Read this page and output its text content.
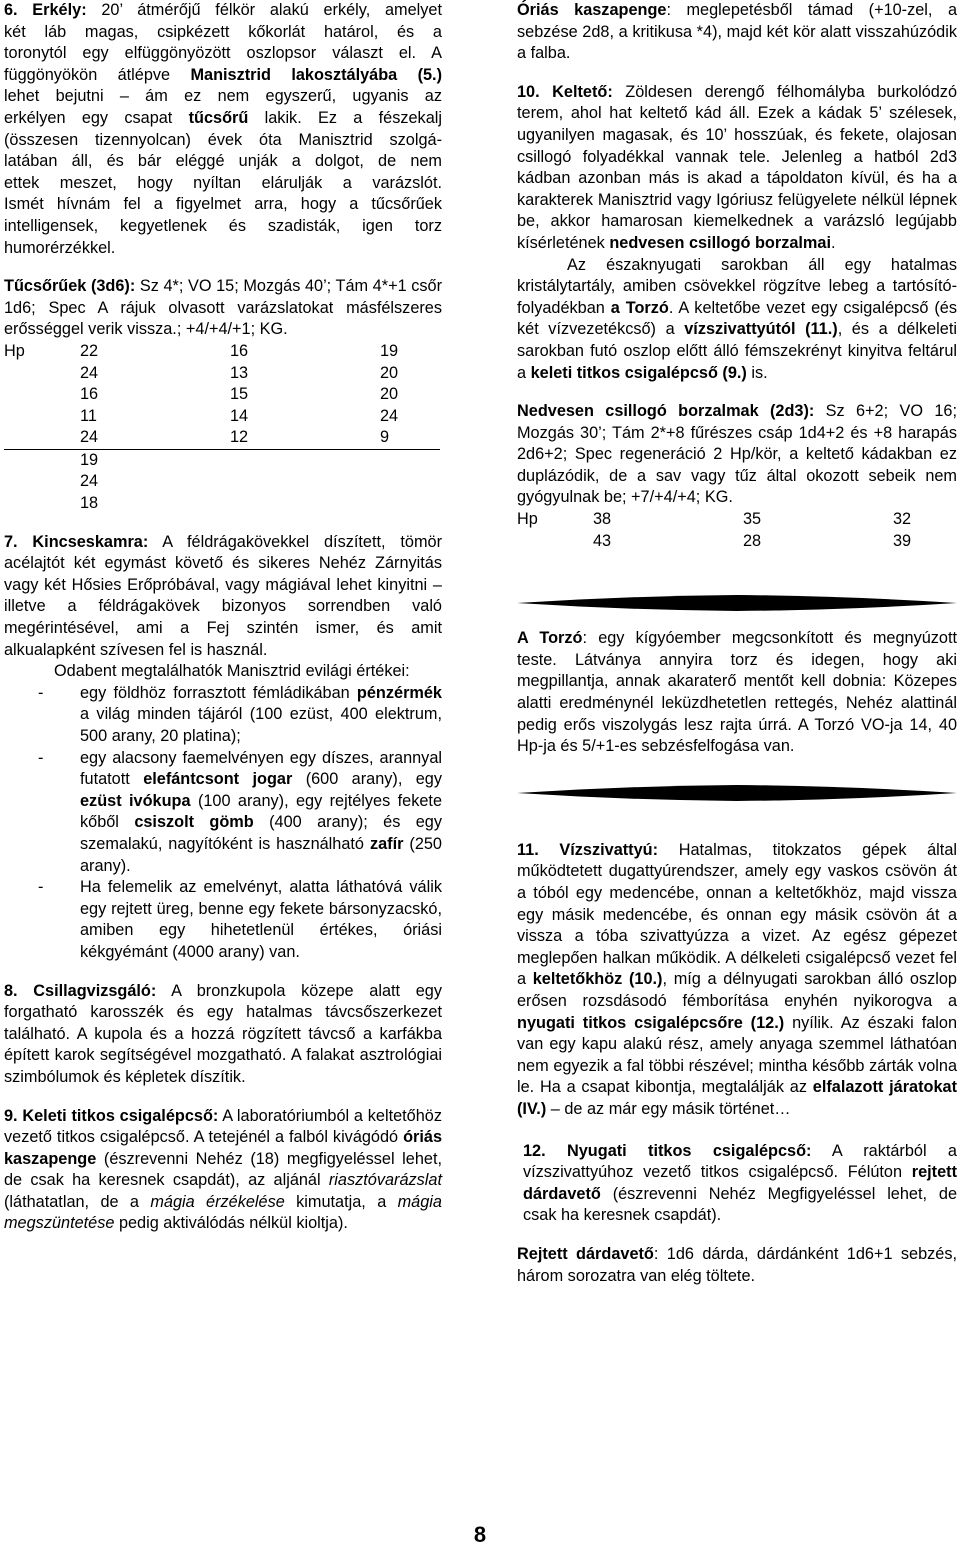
6. Erkély: 20’ átmérőjű félkör alakú erkély, amelyet
két láb magas, csipkézett kőkorlát határol, és a
toronytól egy elfüggönyözött oszlopsor választ el. A
függönyökön átlépve Manisztrid lakosztályába (5.)
lehet bejutni – ám ez nem egyszerű, ugyanis az
erkélyen egy csapat tűcsőrű lakik. Ez a fészekalj
(összesen tizennyolcan) évek óta Manisztrid szolgá-
latában áll, és bár eléggé unják a dolgot, de nem
ettek meszet, hogy nyíltan elárulják a varázslót.
Ismét hívnám fel a figyelmet arra, hogy a tűcsőrűek
intelligensek, kegyetlenek és szadisták, igen torz
humorérzékkel.

Tűcsőrűek (3d6): Sz 4*; VO 15; Mozgás 40’; Tám 4*+1 csőr 1d6; Spec A rájuk olvasott varázslatokat másfélszeres erősséggel verik vissza.; +4/+4/+1; KG.

Hp	22	16	19
	24	13	20
	16	15	20
	11	14	24
	24	12	9
	19		
	24		
	18		

7. Kincseskamra: A féldrágakövekkel díszített, tömör acélajtót két egymást követő és sikeres Nehéz Zárnyitás vagy két Hősies Erőpróbával, vagy mágiával lehet kinyitni – illetve a féldrágakövek bizonyos sorrendben való megérintésével, ami a Fej szintén ismer, és amit alkualapként szívesen fel is használ.

Odabent megtalálhatók Manisztrid evilági értékei:

- egy földhöz forrasztott fémládikában pénzérmék a világ minden tájáról (100 ezüst, 400 elektrum, 500 arany, 20 platina);
- egy alacsony faemelvényen egy díszes, arannyal futatott elefántcsont jogar (600 arany), egy ezüst ivókupa (100 arany), egy rejtélyes fekete kőből csiszolt gömb (400 arany); és egy szemalakú, nagyítóként is használható zafír (250 arany).
- Ha felemelik az emelvényt, alatta láthatóvá válik egy rejtett üreg, benne egy fekete bársonyzacskó, amiben egy hihetetlenül értékes, óriási kékgyémánt (4000 arany) van.

8. Csillagvizsgáló: A bronzkupola közepe alatt egy forgatható karosszék és egy hatalmas távcsőszerkezet található. A kupola és a hozzá rögzített távcső a karfákba épített karok segítségével mozgatható. A falakat asztrológiai szimbólumok és képletek díszítik.

9. Keleti titkos csigalépcső: A laboratóriumból a keltetőhöz vezető titkos csigalépcső. A tetejénél a falból kivágódó óriás kaszapenge (észrevenni Nehéz (18) megfigyeléssel lehet, de csak ha keresnek csapdát), az aljánál riasztóvarázslat (láthatatlan, de a mágia érzékelése kimutatja, a mágia megszüntetése pedig aktiválódás nélkül kioltja).

Óriás kaszapenge: meglepetésből támad (+10-zel, a sebzése 2d8, a kritikusa *4), majd két kör alatt visszahúzódik a falba.

10. Keltető: Zöldesen derengő félhomályba burkolódzó terem, ahol hat keltető kád áll. Ezek a kádak 5’ szélesek, ugyanilyen magasak, és 10’ hosszúak, és fekete, olajosan csillogó folyadékkal vannak tele. Jelenleg a hatból 2d3 kádban azonban más is akad a tápoldaton kívül, és ha a karakterek Manisztrid vagy Igóriusz felügyelete nélkül lépnek be, akkor hamarosan kiemelkednek a varázsló legújabb kísérletének nedvesen csillogó borzalmai.

Az északnyugati sarokban áll egy hatalmas kristálytartály, amiben csövekkel rögzítve lebeg a tartósító-folyadékban a Torzó. A keltetőbe vezet egy csigalépcső (és két vízvezetékcső) a vízszivattyútól (11.), és a délkeleti sarokban futó oszlop előtt álló fémszekrényt kinyitva feltárul a keleti titkos csigalépcső (9.) is.

Nedvesen csillogó borzalmak (2d3): Sz 6+2; VO 16; Mozgás 30’; Tám 2*+8 fűrészes csáp 1d4+2 és +8 harapás 2d6+2; Spec regeneráció 2 Hp/kör, a keltető kádakban ez duplázódik, de a sav vagy tűz által okozott sebeik nem gyógyulnak be; +7/+4/+4; KG.

Hp	38	35	32
	43	28	39

A Torzó: egy kígyóember megcsonkított és megnyúzott teste. Látványa annyira torz és idegen, hogy aki megpillantja, annak akaraterő mentőt kell dobnia: Közepes alatti eredménynél leküzdhetetlen rettegés, Nehéz alattinál pedig erős viszolygás lesz rajta úrrá. A Torzó VO-ja 14, 40 Hp-ja és 5/+1-es sebzésfelfogása van.

11. Vízszivattyú: Hatalmas, titokzatos gépek által működtetett dugattyúrendszer, amely egy vaskos csövön át a tóból egy medencébe, onnan a keltetőkhöz, majd vissza egy másik medencébe, és onnan egy másik csövön át a vissza a tóba szivattyúzza a vizet. Az egész gépezet meglepően halkan működik. A délkeleti csigalépcső vezet fel a keltetőkhöz (10.), míg a délnyugati sarokban álló oszlop erősen rozsdásodó fémborítása enyhén nyikorogva a nyugati titkos csigalépcsőre (12.) nyílik. Az északi falon van egy kapu alakú rész, amely anyaga szemmel láthatóan nem egyezik a fal többi részével; mintha később zárták volna le. Ha a csapat kibontja, megtalálják az elfalazott járatokat (IV.) – de az már egy másik történet…

12. Nyugati titkos csigalépcső: A raktárból a vízszivattyúhoz vezető titkos csigalépcső. Félúton rejtett dárdavető (észrevenni Nehéz Megfigyeléssel lehet, de csak ha keresnek csapdát).

Rejtett dárdavető: 1d6 dárda, dárdánként 1d6+1 sebzés, három sorozatra van elég töltete.

8
